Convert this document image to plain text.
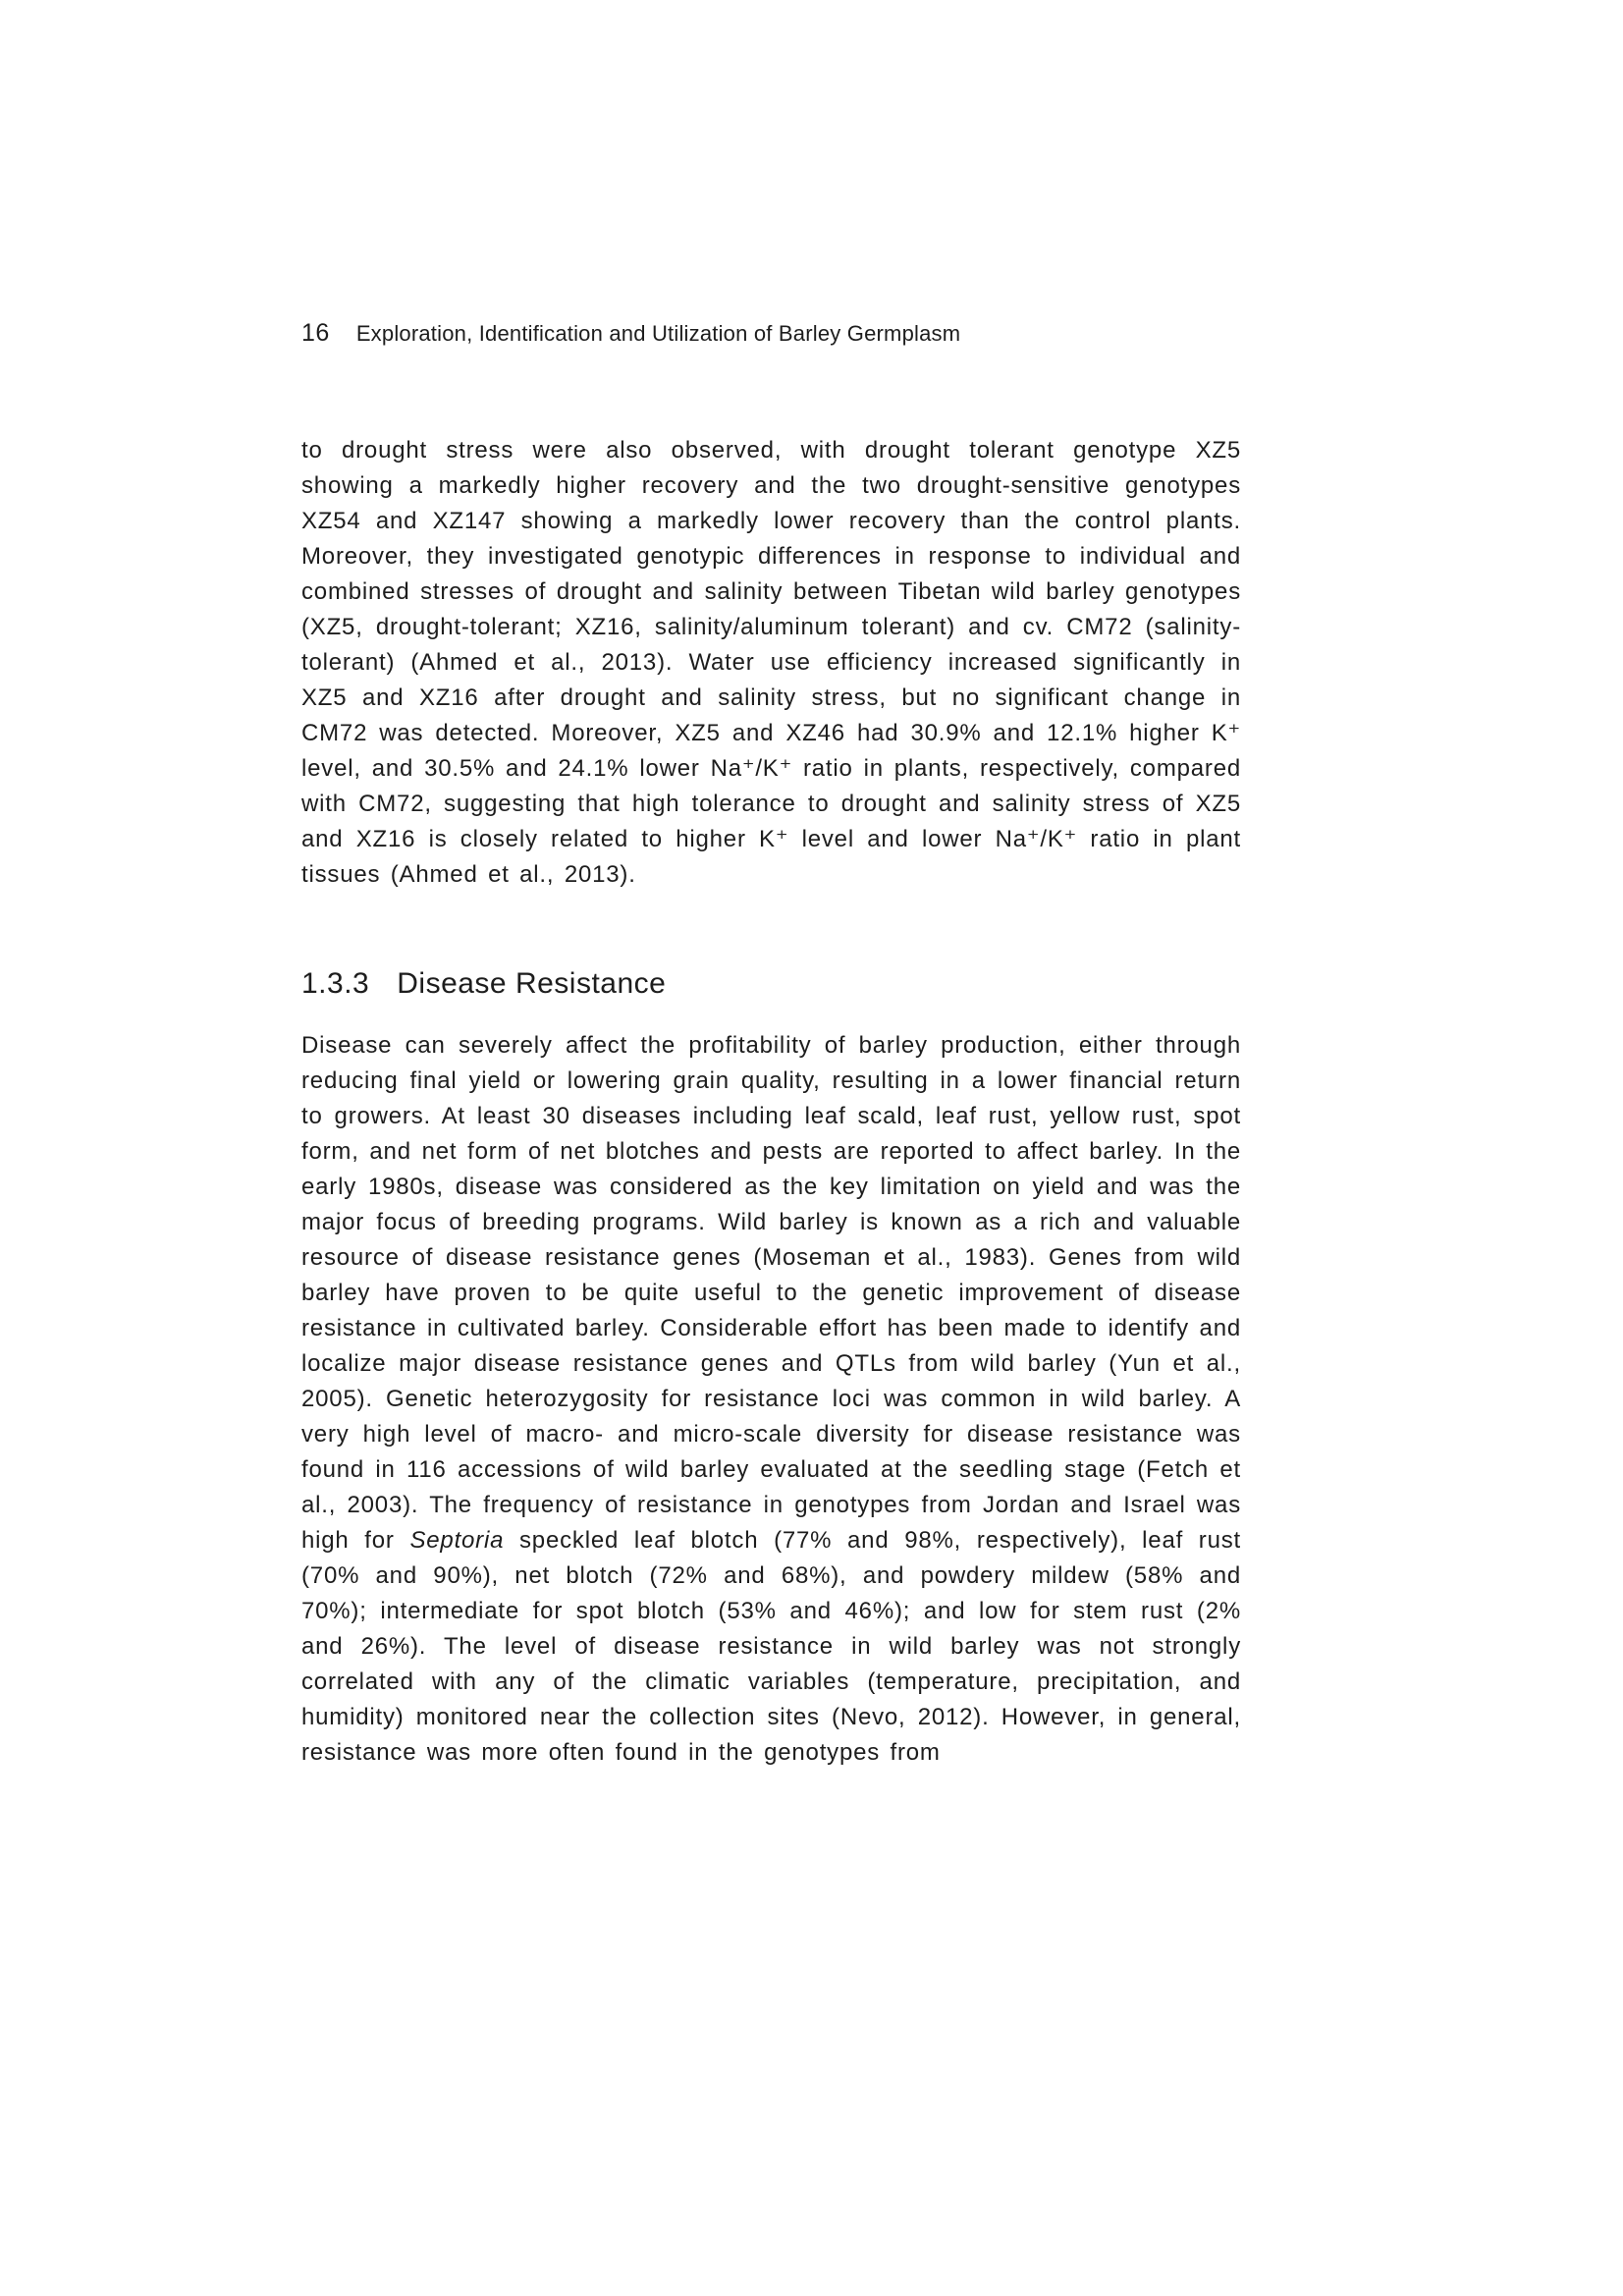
16 Exploration, Identification and Utilization of Barley Germplasm

to drought stress were also observed, with drought tolerant genotype XZ5 showing a markedly higher recovery and the two drought-sensitive genotypes XZ54 and XZ147 showing a markedly lower recovery than the control plants. Moreover, they investigated genotypic differences in response to individual and combined stresses of drought and salinity between Tibetan wild barley genotypes (XZ5, drought-tolerant; XZ16, salinity/aluminum tolerant) and cv. CM72 (salinity-tolerant) (Ahmed et al., 2013). Water use efficiency increased significantly in XZ5 and XZ16 after drought and salinity stress, but no significant change in CM72 was detected. Moreover, XZ5 and XZ46 had 30.9% and 12.1% higher K⁺ level, and 30.5% and 24.1% lower Na⁺/K⁺ ratio in plants, respectively, compared with CM72, suggesting that high tolerance to drought and salinity stress of XZ5 and XZ16 is closely related to higher K⁺ level and lower Na⁺/K⁺ ratio in plant tissues (Ahmed et al., 2013).

1.3.3 Disease Resistance

Disease can severely affect the profitability of barley production, either through reducing final yield or lowering grain quality, resulting in a lower financial return to growers. At least 30 diseases including leaf scald, leaf rust, yellow rust, spot form, and net form of net blotches and pests are reported to affect barley. In the early 1980s, disease was considered as the key limitation on yield and was the major focus of breeding programs. Wild barley is known as a rich and valuable resource of disease resistance genes (Moseman et al., 1983). Genes from wild barley have proven to be quite useful to the genetic improvement of disease resistance in cultivated barley. Considerable effort has been made to identify and localize major disease resistance genes and QTLs from wild barley (Yun et al., 2005). Genetic heterozygosity for resistance loci was common in wild barley. A very high level of macro- and micro-scale diversity for disease resistance was found in 116 accessions of wild barley evaluated at the seedling stage (Fetch et al., 2003). The frequency of resistance in genotypes from Jordan and Israel was high for Septoria speckled leaf blotch (77% and 98%, respectively), leaf rust (70% and 90%), net blotch (72% and 68%), and powdery mildew (58% and 70%); intermediate for spot blotch (53% and 46%); and low for stem rust (2% and 26%). The level of disease resistance in wild barley was not strongly correlated with any of the climatic variables (temperature, precipitation, and humidity) monitored near the collection sites (Nevo, 2012). However, in general, resistance was more often found in the genotypes from
